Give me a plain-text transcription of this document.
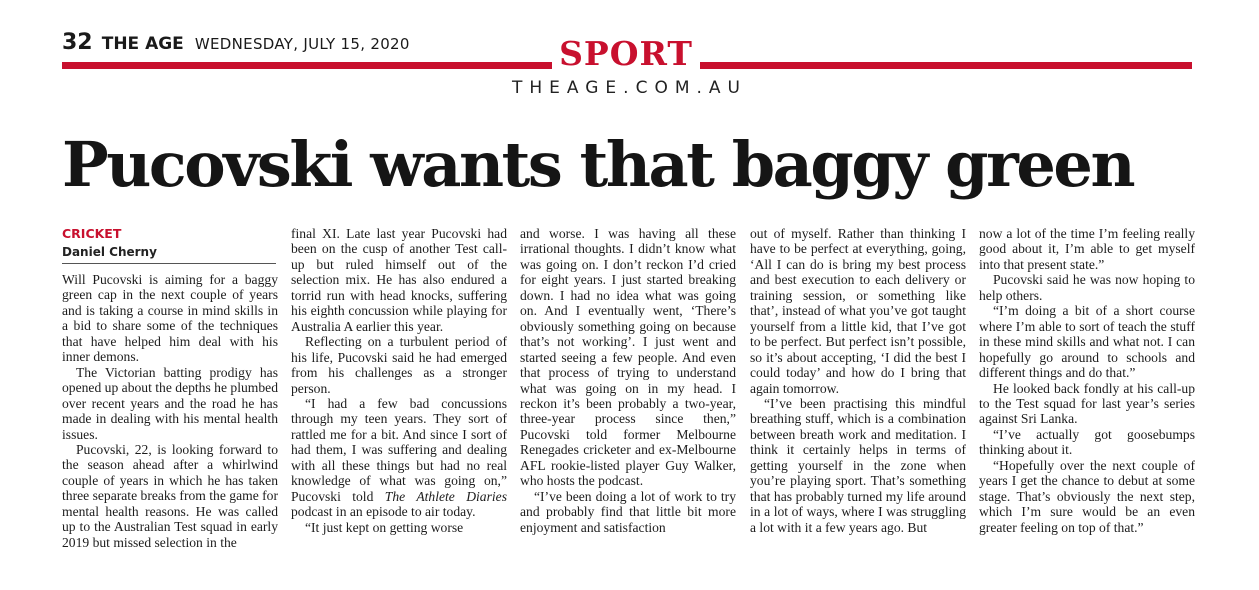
32 THE AGE WEDNESDAY, JULY 15, 2020	SPORT
THEAGE.COM.AU
Pucovski wants that baggy green
CRICKET
Daniel Cherny

Will Pucovski is aiming for a baggy green cap in the next couple of years and is taking a course in mind skills in a bid to share some of the techniques that have helped him deal with his inner demons.

The Victorian batting prodigy has opened up about the depths he plumbed over recent years and the road he has made in dealing with his mental health issues.

Pucovski, 22, is looking forward to the season ahead after a whirlwind couple of years in which he has taken three separate breaks from the game for mental health reasons. He was called up to the Australian Test squad in early 2019 but missed selection in the

final XI. Late last year Pucovski had been on the cusp of another Test call-up but ruled himself out of the selection mix. He has also endured a torrid run with head knocks, suffering his eighth concussion while playing for Australia A earlier this year.

Reflecting on a turbulent period of his life, Pucovski said he had emerged from his challenges as a stronger person.

“I had a few bad concussions through my teen years. They sort of rattled me for a bit. And since I sort of had them, I was suffering and dealing with all these things but had no real knowledge of what was going on,” Pucovski told The Athlete Diaries podcast in an episode to air today.

“It just kept on getting worse

and worse. I was having all these irrational thoughts. I didn’t know what was going on. I don’t reckon I’d cried for eight years. I just started breaking down. I had no idea what was going on. And I eventually went, ‘There’s obviously something going on because that’s not working’. I just went and started seeing a few people. And even that process of trying to understand what was going on in my head. I reckon it’s been probably a two-year, three-year process since then,” Pucovski told former Melbourne Renegades cricketer and ex-Melbourne AFL rookie-listed player Guy Walker, who hosts the podcast.

“I’ve been doing a lot of work to try and probably find that little bit more enjoyment and satisfaction

out of myself. Rather than thinking I have to be perfect at everything, going, ‘All I can do is bring my best process and best execution to each delivery or training session, or something like that’, instead of what you’ve got taught yourself from a little kid, that I’ve got to be perfect. But perfect isn’t possible, so it’s about accepting, ‘I did the best I could today’ and how do I bring that again tomorrow.

“I’ve been practising this mindful breathing stuff, which is a combination between breath work and meditation. I think it certainly helps in terms of getting yourself in the zone when you’re playing sport. That’s something that has probably turned my life around in a lot of ways, where I was struggling a lot with it a few years ago. But

now a lot of the time I’m feeling really good about it, I’m able to get myself into that present state.”

Pucovski said he was now hoping to help others.

“I’m doing a bit of a short course where I’m able to sort of teach the stuff in these mind skills and what not. I can hopefully go around to schools and different things and do that.”

He looked back fondly at his call-up to the Test squad for last year’s series against Sri Lanka.

“I’ve actually got goosebumps thinking about it.

“Hopefully over the next couple of years I get the chance to debut at some stage. That’s obviously the next step, which I’m sure would be an even greater feeling on top of that.”
